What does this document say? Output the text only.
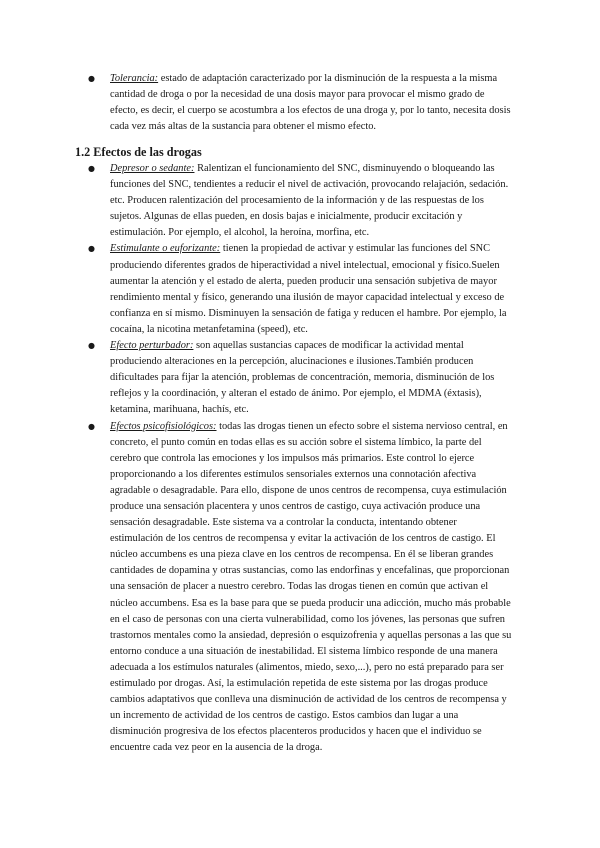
● Tolerancia: estado de adaptación caracterizado por la disminución de la respuesta a la misma cantidad de droga o por la necesidad de una dosis mayor para provocar el mismo grado de efecto, es decir, el cuerpo se acostumbra a los efectos de una droga y, por lo tanto, necesita dosis cada vez más altas de la sustancia para obtener el mismo efecto.
1.2 Efectos de las drogas
● Depresor o sedante: Ralentizan el funcionamiento del SNC, disminuyendo o bloqueando las funciones del SNC, tendientes a reducir el nivel de activación, provocando relajación, sedación. etc. Producen ralentización del procesamiento de la información y de las respuestas de los sujetos. Algunas de ellas pueden, en dosis bajas e inicialmente, producir excitación y estimulación. Por ejemplo, el alcohol, la heroína, morfina, etc.
● Estimulante o euforizante: tienen la propiedad de activar y estimular las funciones del SNC produciendo diferentes grados de hiperactividad a nivel intelectual, emocional y físico.Suelen aumentar la atención y el estado de alerta, pueden producir una sensación subjetiva de mayor rendimiento mental y físico, generando una ilusión de mayor capacidad intelectual y exceso de confianza en sí mismo. Disminuyen la sensación de fatiga y reducen el hambre. Por ejemplo, la cocaína, la nicotina metanfetamina (speed), etc.
● Efecto perturbador: son aquellas sustancias capaces de modificar la actividad mental produciendo alteraciones en la percepción, alucinaciones e ilusiones.También producen dificultades para fijar la atención, problemas de concentración, memoria, disminución de los reflejos y la coordinación, y alteran el estado de ánimo. Por ejemplo, el MDMA (éxtasis), ketamina, marihuana, hachís, etc.
● Efectos psicofisiológicos: todas las drogas tienen un efecto sobre el sistema nervioso central, en concreto, el punto común en todas ellas es su acción sobre el sistema límbico, la parte del cerebro que controla las emociones y los impulsos más primarios. Este control lo ejerce proporcionando a los diferentes estímulos sensoriales externos una connotación afectiva agradable o desagradable. Para ello, dispone de unos centros de recompensa, cuya estimulación produce una sensación placentera y unos centros de castigo, cuya activación produce una sensación desagradable. Este sistema va a controlar la conducta, intentando obtener estimulación de los centros de recompensa y evitar la activación de los centros de castigo. El núcleo accumbens es una pieza clave en los centros de recompensa. En él se liberan grandes cantidades de dopamina y otras sustancias, como las endorfinas y encefalinas, que proporcionan una sensación de placer a nuestro cerebro. Todas las drogas tienen en común que activan el núcleo accumbens. Esa es la base para que se pueda producir una adicción, mucho más probable en el caso de personas con una cierta vulnerabilidad, como los jóvenes, las personas que sufren trastornos mentales como la ansiedad, depresión o esquizofrenia y aquellas personas a las que su entorno conduce a una situación de inestabilidad. El sistema límbico responde de una manera adecuada a los estímulos naturales (alimentos, miedo, sexo,...), pero no está preparado para ser estimulado por drogas. Así, la estimulación repetida de este sistema por las drogas produce cambios adaptativos que conlleva una disminución de actividad de los centros de recompensa y un incremento de actividad de los centros de castigo. Estos cambios dan lugar a una disminución progresiva de los efectos placenteros producidos y hacen que el individuo se encuentre cada vez peor en la ausencia de la droga.
